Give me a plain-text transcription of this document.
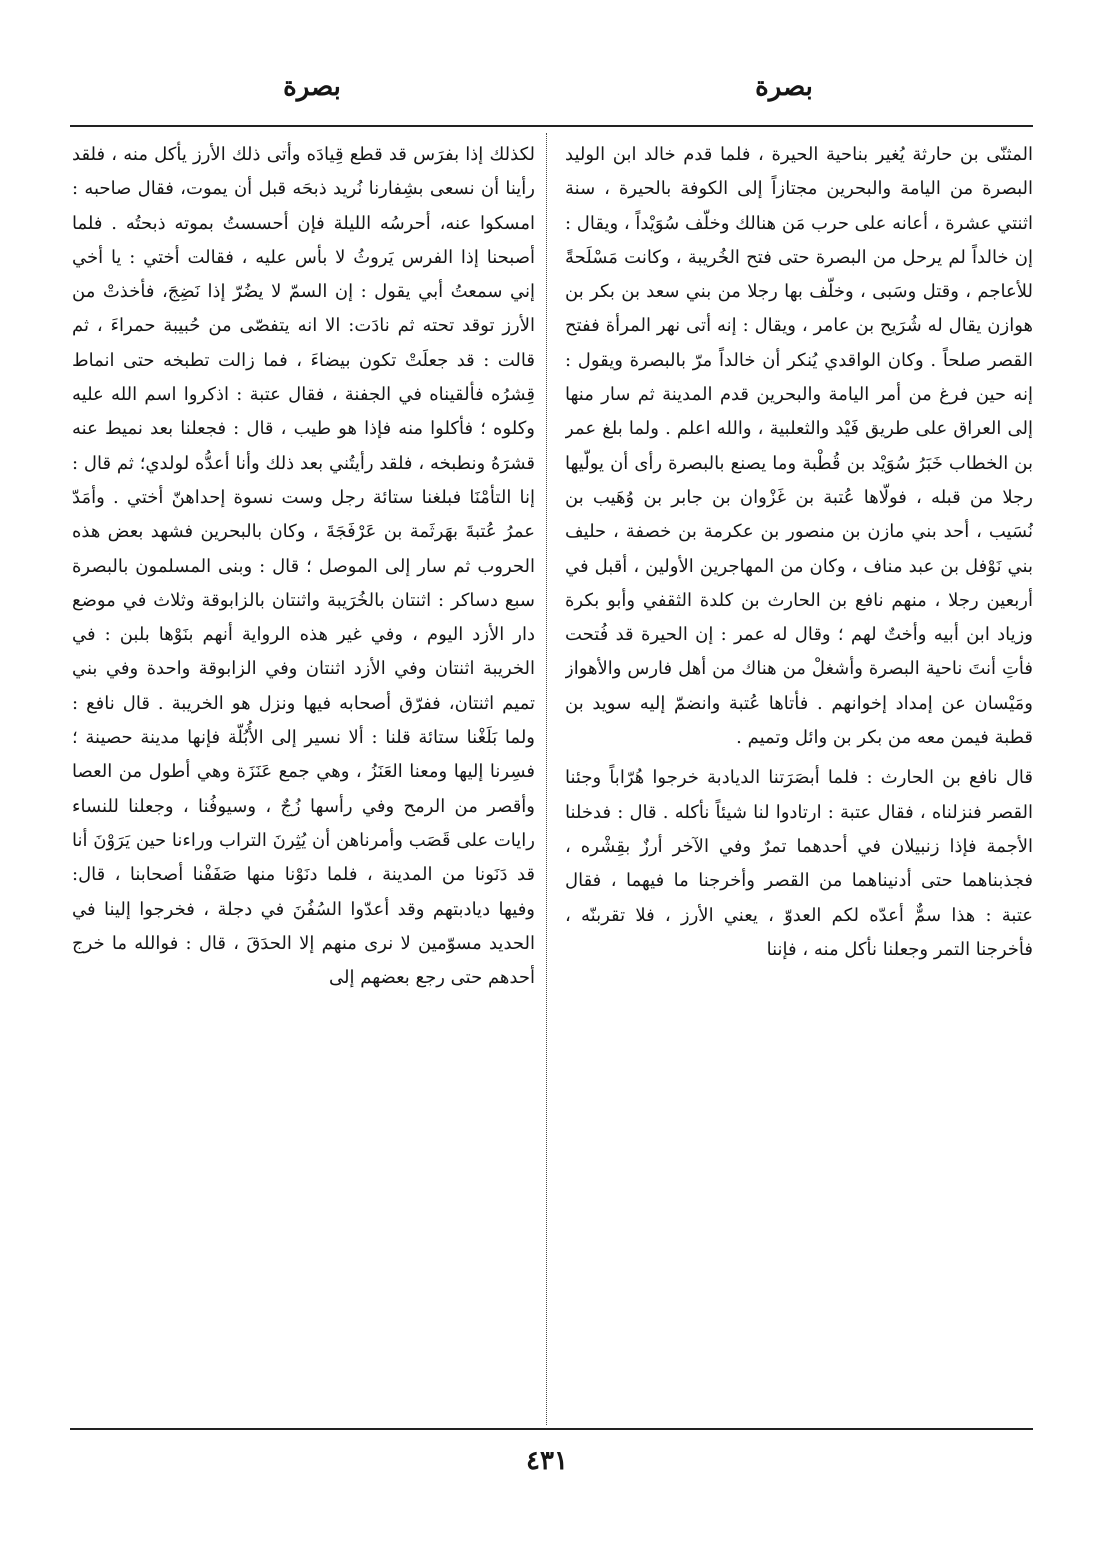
بصرة
بصرة

المثنّى بن حارثة يُغير بناحية الحيرة ، فلما قدم خالد ابن الوليد البصرة من اليامة والبحرين مجتازاً إلى الكوفة بالحيرة ، سنة اثنتي عشرة ، أعانه على حرب مَن هنالك وخلّف سُوَيْداً ، ويقال : إن خالداً لم يرحل من البصرة حتى فتح الخُريبة ، وكانت مَسْلَحةً للأعاجم ، وقتل وسَبى ، وخلّف بها رجلا من بني سعد بن بكر بن هوازن يقال له شُرَيح بن عامر ، ويقال : إنه أتى نهر المرأة ففتح القصر صلحاً . وكان الواقدي يُنكر أن خالداً مرّ بالبصرة ويقول : إنه حين فرغ من أمر اليامة والبحرين قدم المدينة ثم سار منها إلى العراق على طريق فَيْد والثعلبية ، والله اعلم . ولما بلغ عمر بن الخطاب خَبَرُ سُوَيْد بن قُطْبة وما يصنع بالبصرة رأى أن يولّيها رجلا من قبله ، فولّاها عُتبة بن غَزْوان بن جابر بن وُهَيب بن نُسَيب ، أحد بني مازن بن منصور بن عكرمة بن خصفة ، حليف بني نَوْفل بن عبد مناف ، وكان من المهاجرين الأولين ، أقبل في أربعين رجلا ، منهم نافع بن الحارث بن كلدة الثقفي وأبو بكرة وزياد ابن أبيه وأختٌ لهم ؛ وقال له عمر : إن الحيرة قد فُتحت فأتِ أنتَ ناحية البصرة وأشغلْ من هناك من أهل فارس والأهواز ومَيْسان عن إمداد إخوانهم . فأتاها عُتبة وانضمّ إليه سويد بن قطبة فيمن معه من بكر بن وائل وتميم .

قال نافع بن الحارث : فلما أبصَرَتنا الديادبة خرجوا هُرّاباً وجئنا القصر فنزلناه ، فقال عتبة : ارتادوا لنا شيئاً نأكله . قال : فدخلنا الأجمة فإذا زنبيلان في أحدهما تمرٌ وفي الآخر أرزٌ بقِشْره ، فجذبناهما حتى أدنيناهما من القصر وأخرجنا ما فيهما ، فقال عتبة : هذا سمٌّ أعدّه لكم العدوّ ، يعني الأرز ، فلا تقربنّه ، فأخرجنا التمر وجعلنا نأكل منه ، فإننا

لكذلك إذا بفرَس قد قطع قِيادَه وأتى ذلك الأرز يأكل منه ، فلقد رأينا أن نسعى بشِفارنا نُريد ذبحَه قبل أن يموت، فقال صاحبه : امسكوا عنه، أحرسُه الليلة فإن أحسستُ بموته ذبحتُه . فلما أصبحنا إذا الفرس يَروثُ لا بأس عليه ، فقالت أختي : يا أخي إني سمعتُ أبي يقول : إن السمّ لا يضُرّ إذا نَضِجَ، فأخذتْ من الأرز توقد تحته ثم نادَت: الا انه يتفصّى من حُبيبة حمراءَ ، ثم قالت : قد جعلَتْ تكون بيضاءَ ، فما زالت تطبخه حتى انماط قِشرُه فألقيناه في الجفنة ، فقال عتبة : اذكروا اسم الله عليه وكلوه ؛ فأكلوا منه فإذا هو طيب ، قال : فجعلنا بعد نميط عنه قشرَهُ ونطبخه ، فلقد رأيتُني بعد ذلك وأنا أعدُّه لولدي؛ ثم قال : إنا التأمْنَا فبلغنا ستائة رجل وست نسوة إحداهنّ أختي . وأمَدّ عمرُ عُتبةَ بهَرثَمة بن عَرْفَجَةَ ، وكان بالبحرين فشهد بعض هذه الحروب ثم سار إلى الموصل ؛ قال : وبنى المسلمون بالبصرة سبع دساكر : اثنتان بالخُرَيبة واثنتان بالزابوقة وثلاث في موضع دار الأزد اليوم ، وفي غير هذه الرواية أنهم بنَوْها بلبن : في الخريبة اثنتان وفي الأزد اثنتان وفي الزابوقة واحدة وفي بني تميم اثنتان، ففرّق أصحابه فيها ونزل هو الخريبة . قال نافع : ولما بَلَغْنا ستائة قلنا : ألا نسير إلى الأُبُلّة فإنها مدينة حصينة ؛ فسِرنا إليها ومعنا العَنَزُ ، وهي جمع عَنَزَة وهي أطول من العصا وأقصر من الرمح وفي رأسها زُجٌ ، وسيوفُنا ، وجعلنا للنساء رايات على قَصَب وأمرناهن أن يُثِرنَ التراب وراءنا حين يَرَوْنَ أنا قد دَنَونا من المدينة ، فلما دنَوْنا منها صَفَفْنا أصحابنا ، قال: وفيها ديادبتهم وقد أعدّوا السُفُنَ في دجلة ، فخرجوا إلينا في الحديد مسوّمين لا نرى منهم إلا الحدَقَ ، قال : فوالله ما خرج أحدهم حتى رجع بعضهم إلى

٤٣١
